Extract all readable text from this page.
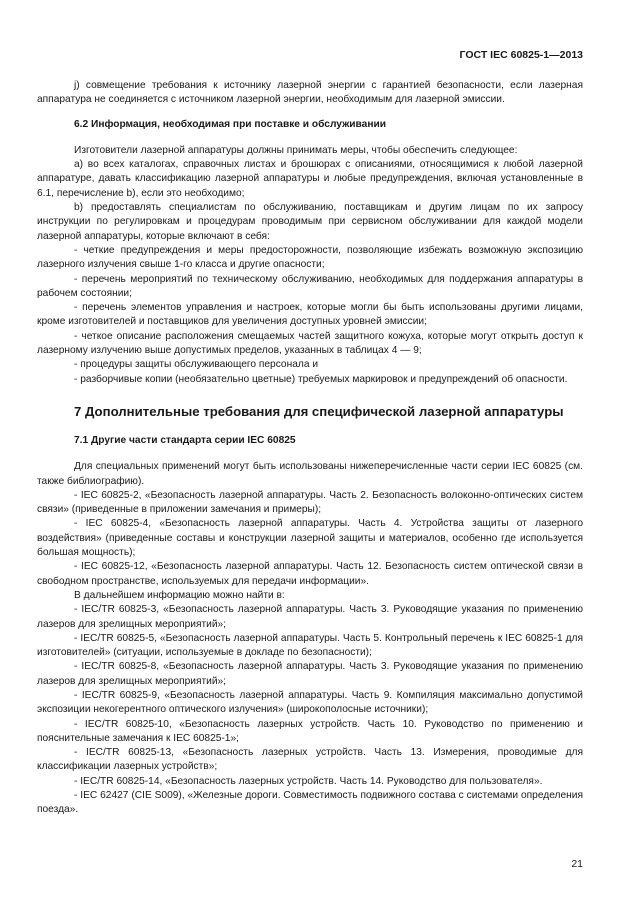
ГОСТ IEC 60825-1—2013

j) совмещение требования к источнику лазерной энергии с гарантией безопасности, если лазерная аппаратура не соединяется с источником лазерной энергии, необходимым для лазерной эмиссии.

6.2 Информация, необходимая при поставке и обслуживании

Изготовители лазерной аппаратуры должны принимать меры, чтобы обеспечить следующее:

а) во всех каталогах, справочных листах и брошюрах с описаниями, относящимися к любой лазерной аппаратуре, давать классификацию лазерной аппаратуры и любые предупреждения, включая установленные в 6.1, перечисление b), если это необходимо;

b) предоставлять специалистам по обслуживанию, поставщикам и другим лицам по их запросу инструкции по регулировкам и процедурам проводимым при сервисном обслуживании для каждой модели лазерной аппаратуры, которые включают в себя:

- четкие предупреждения и меры предосторожности, позволяющие избежать возможную экспозицию лазерного излучения свыше 1-го класса и другие опасности;

- перечень мероприятий по техническому обслуживанию, необходимых для поддержания аппаратуры в рабочем состоянии;

- перечень элементов управления и настроек, которые могли бы быть использованы другими лицами, кроме изготовителей и поставщиков для увеличения доступных уровней эмиссии;

- четкое описание расположения смещаемых частей защитного кожуха, которые могут открыть доступ к лазерному излучению выше допустимых пределов, указанных в таблицах 4 — 9;

- процедуры защиты обслуживающего персонала и

- разборчивые копии (необязательно цветные) требуемых маркировок и предупреждений об опасности.

7 Дополнительные требования для специфической лазерной аппаратуры

7.1 Другие части стандарта серии IEC 60825

Для специальных применений могут быть использованы нижеперечисленные части серии IEC 60825 (см. также библиографию).

- IEC 60825-2, «Безопасность лазерной аппаратуры. Часть 2. Безопасность волоконно-оптических систем связи» (приведенные в приложении замечания и примеры);

- IEC 60825-4, «Безопасность лазерной аппаратуры. Часть 4. Устройства защиты от лазерного воздействия» (приведенные составы и конструкции лазерной защиты и материалов, особенно где используется большая мощность);

- IEC 60825-12, «Безопасность лазерной аппаратуры. Часть 12. Безопасность систем оптической связи в свободном пространстве, используемых для передачи информации».

В дальнейшем информацию можно найти в:

- IEC/TR 60825-3, «Безопасность лазерной аппаратуры. Часть 3. Руководящие указания по применению лазеров для зрелищных мероприятий»;

- IEC/TR 60825-5, «Безопасность лазерной аппаратуры. Часть 5. Контрольный перечень к IEC 60825-1 для изготовителей» (ситуации, используемые в докладе по безопасности);

- IEC/TR 60825-8, «Безопасность лазерной аппаратуры. Часть 3. Руководящие указания по применению лазеров для зрелищных мероприятий»;

- IEC/TR 60825-9, «Безопасность лазерной аппаратуры. Часть 9. Компиляция максимально допустимой экспозиции некогерентного оптического излучения» (широкополосные источники);

- IEC/TR 60825-10, «Безопасность лазерных устройств. Часть 10. Руководство по применению и пояснительные замечания к IEC 60825-1»;

- IEC/TR 60825-13, «Безопасность лазерных устройств. Часть 13. Измерения, проводимые для классификации лазерных устройств»;

- IEC/TR 60825-14, «Безопасность лазерных устройств. Часть 14. Руководство для пользователя».

- IEC 62427 (CIE S009), «Железные дороги. Совместимость подвижного состава с системами определения поезда».

21
